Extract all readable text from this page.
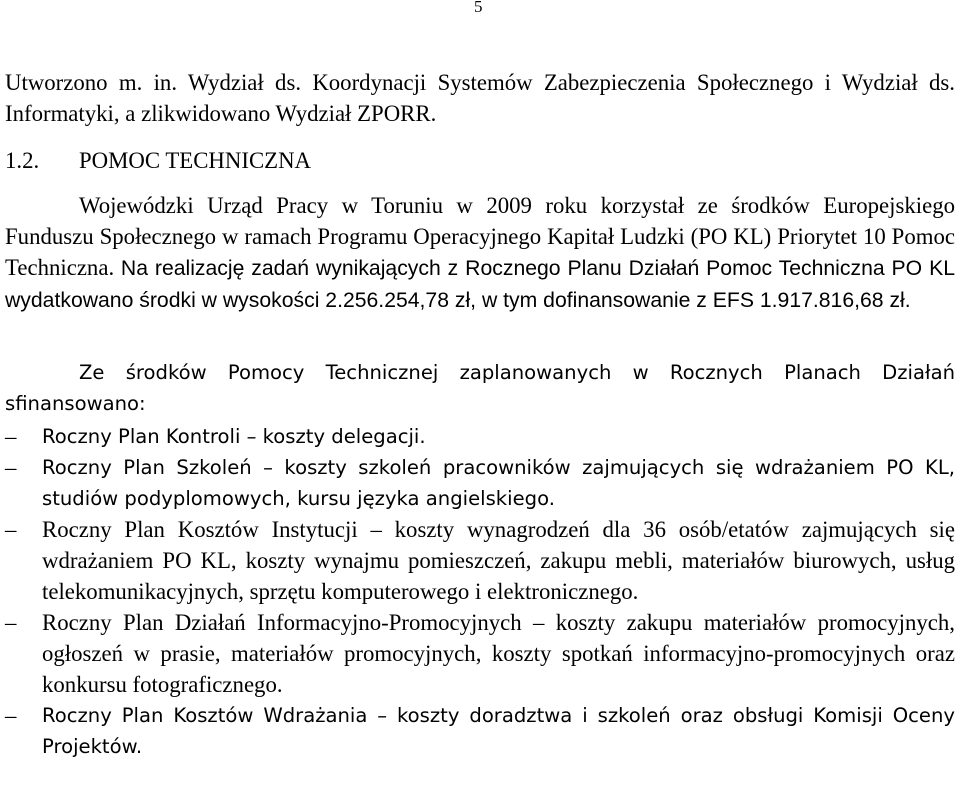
5

Utworzono m. in. Wydział ds. Koordynacji Systemów Zabezpieczenia Społecznego i Wydział ds. Informatyki, a zlikwidowano Wydział ZPORR.

1.2. POMOC TECHNICZNA

Wojewódzki Urząd Pracy w Toruniu w 2009 roku korzystał ze środków Europejskiego Funduszu Społecznego w ramach Programu Operacyjnego Kapitał Ludzki (PO KL) Priorytet 10 Pomoc Techniczna. Na realizację zadań wynikających z Rocznego Planu Działań Pomoc Techniczna PO KL wydatkowano środki w wysokości 2.256.254,78 zł, w tym dofinansowanie z EFS 1.917.816,68 zł.

Ze środków Pomocy Technicznej zaplanowanych w Rocznych Planach Działań sfinansowano:

– Roczny Plan Kontroli – koszty delegacji.
– Roczny Plan Szkoleń – koszty szkoleń pracowników zajmujących się wdrażaniem PO KL, studiów podyplomowych, kursu języka angielskiego.
– Roczny Plan Kosztów Instytucji – koszty wynagrodzeń dla 36 osób/etatów zajmujących się wdrażaniem PO KL, koszty wynajmu pomieszczeń, zakupu mebli, materiałów biurowych, usług telekomunikacyjnych, sprzętu komputerowego i elektronicznego.
– Roczny Plan Działań Informacyjno-Promocyjnych – koszty zakupu materiałów promocyjnych, ogłoszeń w prasie, materiałów promocyjnych, koszty spotkań informacyjno-promocyjnych oraz konkursu fotograficznego.
– Roczny Plan Kosztów Wdrażania – koszty doradztwa i szkoleń oraz obsługi Komisji Oceny Projektów.
